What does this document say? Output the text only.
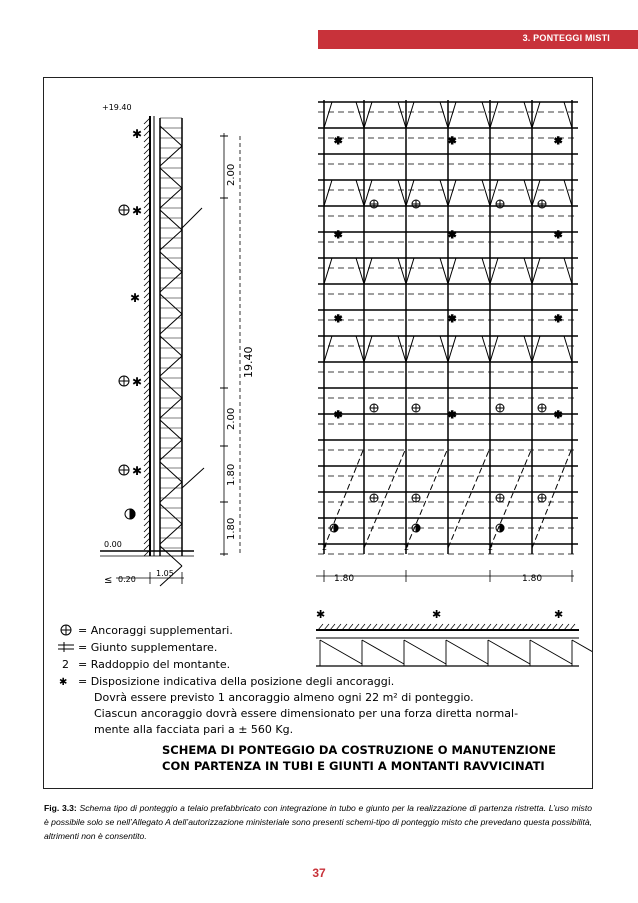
3. PONTEGGI MISTI
✱
✱
✱
✱
✱
+19.40
2.00
19.40
2.00
1.80
1.80
0.00
≤ 0.20
1.05
✱	✱	✱
✱	✱	✱
✱	✱	✱
✱	✱	✱
1.80	1.80
2	2	2
✱	✱	✱
= Ancoraggi supplementari.
= Giunto supplementare.
2 = Raddoppio del montante.
✱ = Disposizione indicativa della posizione degli ancoraggi.
Dovrà essere previsto 1 ancoraggio almeno ogni 22 m² di ponteggio.
Ciascun ancoraggio dovrà essere dimensionato per una forza diretta normal-
mente alla facciata pari a ± 560 Kg.
SCHEMA DI PONTEGGIO DA COSTRUZIONE O MANUTENZIONE
CON PARTENZA IN TUBI E GIUNTI A MONTANTI RAVVICINATI
Fig. 3.3: Schema tipo di ponteggio a telaio prefabbricato con integrazione in tubo e giunto per la realizzazione di partenza ristretta. L’uso misto è possibile solo se nell’Allegato A dell’autorizzazione ministeriale sono presenti schemi-tipo di ponteggio misto che prevedano questa possibilità, altrimenti non è consentito.
37
